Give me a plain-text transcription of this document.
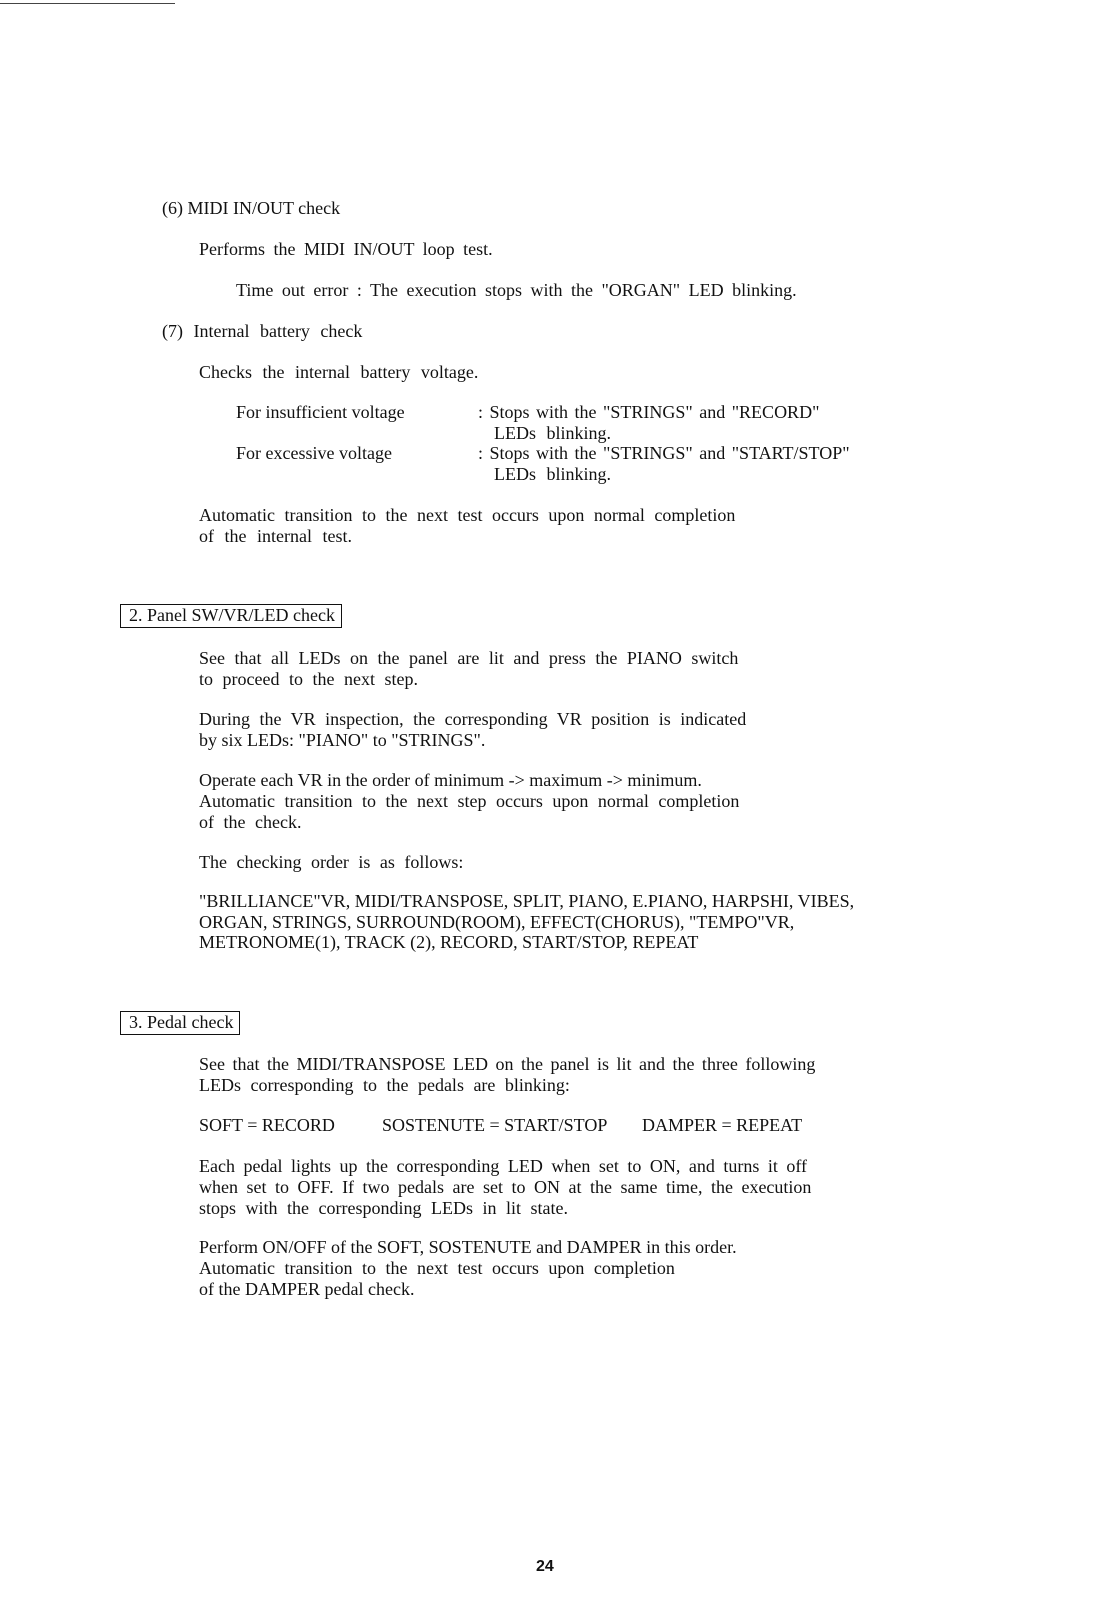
(6) MIDI IN/OUT check

Performs the MIDI IN/OUT loop test.

Time out error : The execution stops with the "ORGAN" LED blinking.

(7) Internal battery check

Checks the internal battery voltage.

For insufficient voltage	: Stops with the "STRINGS" and "RECORD"

LEDs blinking.

For excessive voltage	: Stops with the "STRINGS" and "START/STOP"

LEDs blinking.

Automatic transition to the next test occurs upon normal completion

of the internal test.

2. Panel SW/VR/LED check

See that all LEDs on the panel are lit and press the PIANO switch

to proceed to the next step.

During the VR inspection, the corresponding VR position is indicated

by six LEDs: "PIANO" to "STRINGS".

Operate each VR in the order of minimum -> maximum -> minimum.

Automatic transition to the next step occurs upon normal completion

of the check.

The checking order is as follows:

"BRILLIANCE"VR, MIDI/TRANSPOSE, SPLIT, PIANO, E.PIANO, HARPSHI, VIBES,

ORGAN, STRINGS, SURROUND(ROOM), EFFECT(CHORUS), "TEMPO"VR,

METRONOME(1), TRACK (2), RECORD, START/STOP, REPEAT

3. Pedal check

See that the MIDI/TRANSPOSE LED on the panel is lit and the three following

LEDs corresponding to the pedals are blinking:

SOFT = RECORD	SOSTENUTE = START/STOP DAMPER = REPEAT

Each pedal lights up the corresponding LED when set to ON, and turns it off

when set to OFF. If two pedals are set to ON at the same time, the execution

stops with the corresponding LEDs in lit state.

Perform ON/OFF of the SOFT, SOSTENUTE and DAMPER in this order.

Automatic transition to the next test occurs upon completion

of the DAMPER pedal check.

24
